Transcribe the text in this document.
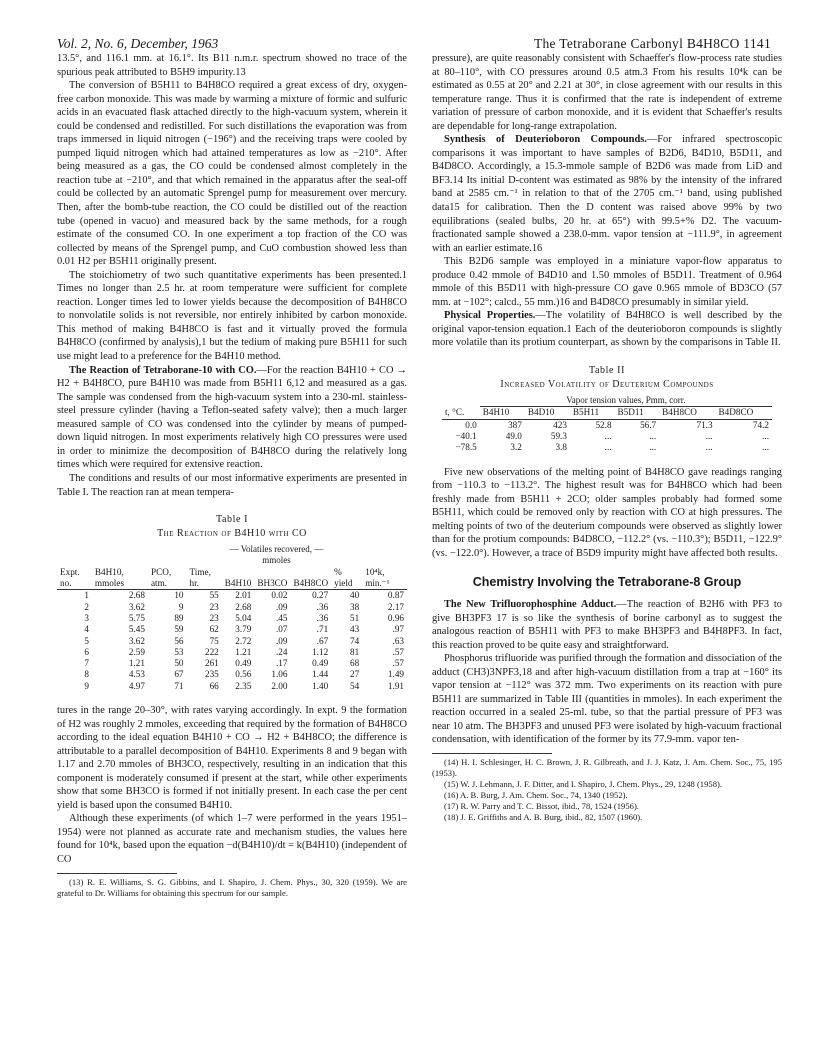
Vol. 2, No. 6, December, 1963	The Tetraborane Carbonyl B4H8CO 1141

13.5°, and 116.1 mm. at 16.1°. Its B11 n.m.r. spectrum showed no trace of the spurious peak attributed to B5H9 impurity.13

The conversion of B5H11 to B4H8CO required a great excess of dry, oxygen-free carbon monoxide. This was made by warming a mixture of formic and sulfuric acids in an evacuated flask attached directly to the high-vacuum system, wherein it could be condensed and redistilled. For such distillations the evaporation was from traps immersed in liquid nitrogen (−196°) and the receiving traps were cooled by pumped liquid nitrogen which had attained temperatures as low as −210°. After being measured as a gas, the CO could be condensed almost completely in the reaction tube at −210°, and that which remained in the apparatus after the seal-off could be collected by an automatic Sprengel pump for measurement over mercury. Then, after the bomb-tube reaction, the CO could be distilled out of the reaction tube (opened in vacuo) and measured back by the same methods, for a rough estimate of the consumed CO. In one experiment a top fraction of the CO was collected by means of the Sprengel pump, and CuO combustion showed less than 0.01 H2 per B5H11 originally present.

The stoichiometry of two such quantitative experiments has been presented.1 Times no longer than 2.5 hr. at room temperature were sufficient for complete reaction. Longer times led to lower yields because the decomposition of B4H8CO to nonvolatile solids is not reversible, nor entirely inhibited by carbon monoxide. This method of making B4H8CO is fast and it virtually proved the formula B4H8CO (confirmed by analysis),1 but the tedium of making pure B5H11 for such use might lead to a preference for the B4H10 method.

The Reaction of Tetraborane-10 with CO.—For the reaction B4H10 + CO → H2 + B4H8CO, pure B4H10 was made from B5H11 6,12 and measured as a gas. The sample was condensed from the high-vacuum system into a 230-ml. stainless-steel pressure cylinder (having a Teflon-seated safety valve); then a much larger measured sample of CO was condensed into the cylinder by means of pumped-down liquid nitrogen. In most experiments relatively high CO pressures were used in order to minimize the decomposition of B4H8CO during the relatively long times which were required for extensive reaction.

The conditions and results of our most informative experiments are presented in Table I. The reaction ran at mean tempera-

Table I
The Reaction of B4H10 with CO
				— Volatiles recovered, —				
				mmoles				
Expt. no.	B4H10, mmoles	PCO, atm.	Time, hr.	B4H10	BH3CO	B4H8CO	% yield	10⁴k, min.⁻¹
1	2.68	10	55	2.01	0.02	0.27	40	0.87
2	3.62	9	23	2.68	.09	.36	38	2.17
3	5.75	89	23	5.04	.45	.36	51	0.96
4	5.45	59	62	3.79	.07	.71	43	.97
5	3.62	56	75	2.72	.09	.67	74	.63
6	2.59	53	222	1.21	.24	1.12	81	.57
7	1.21	50	261	0.49	.17	0.49	68	.57
8	4.53	67	235	0.56	1.06	1.44	27	1.49
9	4.97	71	66	2.35	2.00	1.40	54	1.91

tures in the range 20–30°, with rates varying accordingly. In expt. 9 the formation of H2 was roughly 2 mmoles, exceeding that required by the formation of B4H8CO according to the ideal equation B4H10 + CO → H2 + B4H8CO; the difference is attributable to a parallel decomposition of B4H10. Experiments 8 and 9 began with 1.17 and 2.70 mmoles of BH3CO, respectively, resulting in an indication that this component is moderately consumed if present at the start, while other experiments show that some BH3CO is formed if not initially present. In each case the per cent yield is based upon the consumed B4H10.

Although these experiments (of which 1–7 were performed in the years 1951–1954) were not planned as accurate rate and mechanism studies, the values here found for 10⁴k, based upon the equation −d(B4H10)/dt = k(B4H10) (independent of CO

(13) R. E. Williams, S. G. Gibbins, and I. Shapiro, J. Chem. Phys., 30, 320 (1959). We are grateful to Dr. Williams for obtaining this spectrum for our sample.

pressure), are quite reasonably consistent with Schaeffer's flow-process rate studies at 80–110°, with CO pressures around 0.5 atm.3 From his results 10⁴k can be estimated as 0.55 at 20° and 2.21 at 30°, in close agreement with our results in this temperature range. Thus it is confirmed that the rate is independent of extreme variation of pressure of carbon monoxide, and it is evident that Schaeffer's results are dependable for long-range extrapolation.

Synthesis of Deuterioboron Compounds.—For infrared spectroscopic comparisons it was important to have samples of B2D6, B4D10, B5D11, and B4D8CO. Accordingly, a 15.3-mmole sample of B2D6 was made from LiD and BF3.14 Its initial D-content was estimated as 98% by the intensity of the infrared band at 2585 cm.⁻¹ in relation to that of the 2705 cm.⁻¹ band, using published data15 for calibration. Then the D content was raised above 99% by two equilibrations (sealed bulbs, 20 hr. at 65°) with 99.5+% D2. The vacuum-fractionated sample showed a 238.0-mm. vapor tension at −111.9°, in agreement with an earlier estimate.16

This B2D6 sample was employed in a miniature vapor-flow apparatus to produce 0.42 mmole of B4D10 and 1.50 mmoles of B5D11. Treatment of 0.964 mmole of this B5D11 with high-pressure CO gave 0.965 mmole of BD3CO (57 mm. at −102°; calcd., 55 mm.)16 and B4D8CO presumably in similar yield.

Physical Properties.—The volatility of B4H8CO is well described by the original vapor-tension equation.1 Each of the deuterioboron compounds is slightly more volatile than its protium counterpart, as shown by the comparisons in Table II.

Table II
Increased Volatility of Deuterium Compounds
	Vapor tension values, Pmm, corr.					
t, °C.	B4H10	B4D10	B5H11	B5D11	B4H8CO	B4D8CO
0.0	387	423	52.8	56.7	71.3	74.2
−40.1	49.0	59.3	...	...	...	...
−78.5	3.2	3.8	...	...	...	...

Five new observations of the melting point of B4H8CO gave readings ranging from −110.3 to −113.2°. The highest result was for B4H8CO which had been freshly made from B5H11 + 2CO; older samples probably had formed some B5H11, which could be removed only by reaction with CO at high pressures. The melting points of two of the deuterium compounds were observed as slightly lower than for the protium compounds: B4D8CO, −112.2° (vs. −110.3°); B5D11, −122.9° (vs. −122.0°). However, a trace of B5D9 impurity might have affected both results.

Chemistry Involving the Tetraborane-8 Group

The New Trifluorophosphine Adduct.—The reaction of B2H6 with PF3 to give BH3PF3 17 is so like the synthesis of borine carbonyl as to suggest the analogous reaction of B5H11 with PF3 to make BH3PF3 and B4H8PF3. In fact, this reaction proved to be quite easy and straightforward.

Phosphorus trifluoride was purified through the formation and dissociation of the adduct (CH3)3NPF3,18 and after high-vacuum distillation from a trap at −160° its vapor tension at −112° was 372 mm. Two experiments on its reaction with pure B5H11 are summarized in Table III (quantities in mmoles). In each experiment the reaction occurred in a sealed 25-ml. tube, so that the partial pressure of PF3 was near 10 atm. The BH3PF3 and unused PF3 were isolated by high-vacuum fractional condensation, with identification of the former by its 77.9-mm. vapor ten-

(14) H. I. Schlesinger, H. C. Brown, J. R. Gilbreath, and J. J. Katz, J. Am. Chem. Soc., 75, 195 (1953).

(15) W. J. Lehmann, J. F. Ditter, and I. Shapiro, J. Chem. Phys., 29, 1248 (1958).

(16) A. B. Burg, J. Am. Chem. Soc., 74, 1340 (1952).

(17) R. W. Parry and T. C. Bissot, ibid., 78, 1524 (1956).

(18) J. E. Griffiths and A. B. Burg, ibid., 82, 1507 (1960).
